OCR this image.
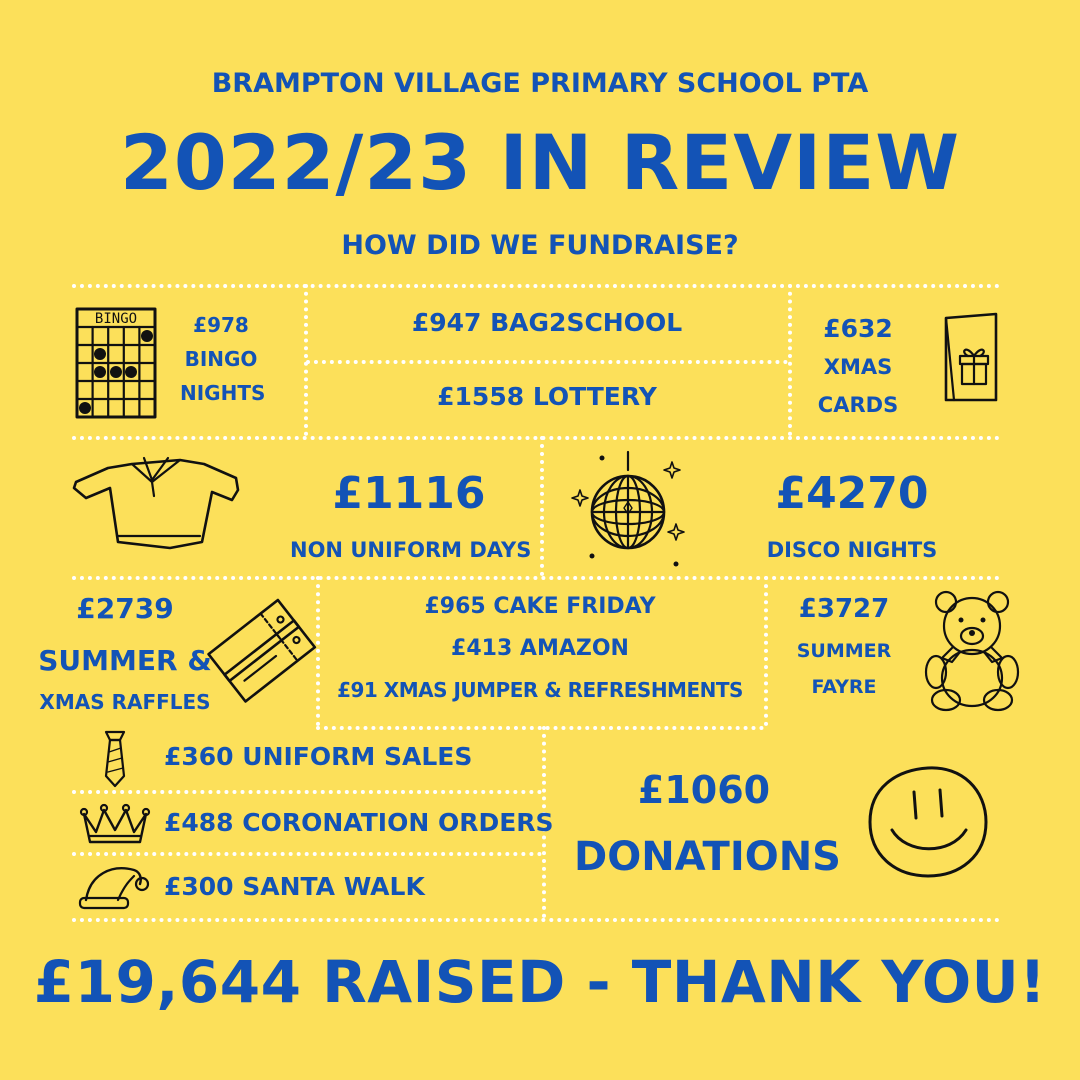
BRAMPTON VILLAGE PRIMARY SCHOOL PTA
2022/23 IN REVIEW
HOW DID WE FUNDRAISE?
BINGO	£978
BINGO
NIGHTS
£947 BAG2SCHOOL
£1558 LOTTERY
£632
XMAS
CARDS
£1116
NON UNIFORM DAYS
£4270
DISCO NIGHTS
£2739
SUMMER &
XMAS RAFFLES
£965 CAKE FRIDAY
£413 AMAZON
£91 XMAS JUMPER & REFRESHMENTS
£3727
SUMMER
FAYRE
£360 UNIFORM SALES
£488 CORONATION ORDERS
£300 SANTA WALK
£1060
DONATIONS
£19,644 RAISED - THANK YOU!
